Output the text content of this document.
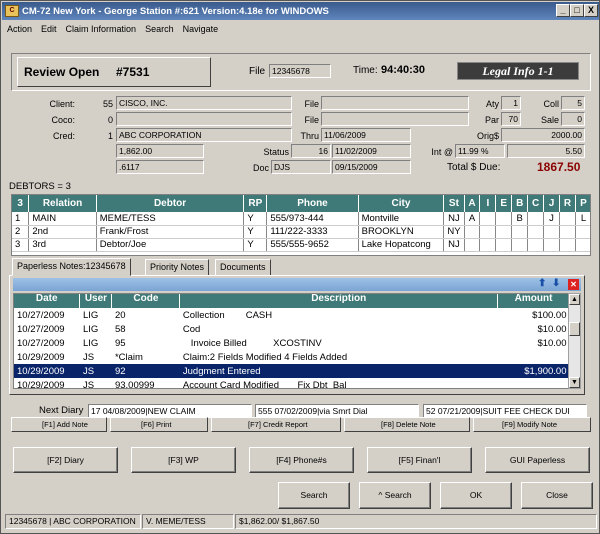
C CM-72 New York - George Station #:621 Version:4.18e for WINDOWS	_ □ X
Action	Edit	Claim Information	Search	Navigate
Review Open #7531	File 12345678	Time: 94:40:30	Legal Info 1-1
Client:	55 CISCO, INC.
Coco:	0
Cred:	1 ABC CORPORATION
1,862.00
.6117
File
File
Thru 11/06/2009
Status	16 11/02/2009
Doc DJS	09/15/2009
Aty	1	Coll	5
Par	70	Sale	0
Orig$	2000.00
Int @ 11.99 %	5.50
Total $ Due:	1867.50
DEBTORS = 3
3	Relation	Debtor	RP	Phone	City	St	A	I	E	B	C	J	R	P
1	MAIN	MEME/TESS	Y	555/973-444	Montville	NJ	A			B		J		L
2	2nd	Frank/Frost	Y	111/222-3333	BROOKLYN	NY								
3	3rd	Debtor/Joe	Y	555/555-9652	Lake Hopatcong	NJ								
Paperless Notes:12345678	Priority Notes	Documents
⬆ ⬇ ✕
Date	User	Code	Description	Amount
10/27/2009	LIG	20	Collection        CASH	$100.00
10/27/2009	LIG	58	Cod	$10.00
10/27/2009	LIG	95	Invoice Billed          XCOSTINV	$10.00
10/29/2009	JS	*Claim	Claim:2 Fields Modified 4 Fields Added	
10/29/2009	JS	92	Judgment Entered	$1,900.00
10/29/2009	JS	93.00999	Account Card Modified       Fix Dbt  Bal	
▲
▼
Next Diary 17 04/08/2009|NEW CLAIM	555 07/02/2009|via Smrt Dial	52 07/21/2009|SUIT FEE CHECK DUI
[F1] Add Note	[F6] Print	[F7] Credit Report	[F8] Delete Note	[F9] Modify Note
[F2] Diary	[F3] WP	[F4] Phone#s	[F5] Finan'l	GUI Paperless
Search	^ Search	OK	Close
12345678 | ABC CORPORATION	V. MEME/TESS	$1,862.00/ $1,867.50
